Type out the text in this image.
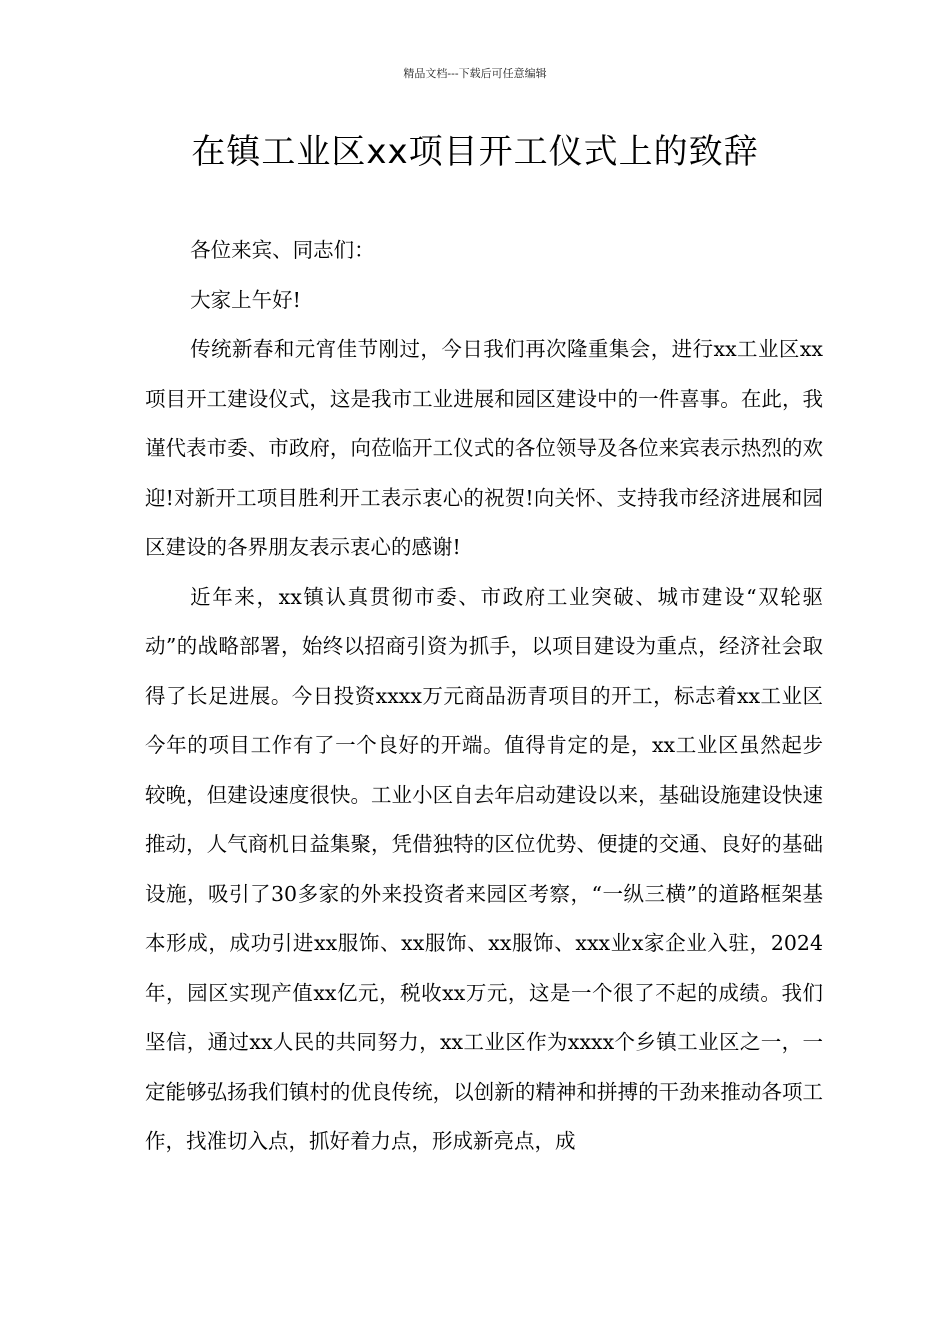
精品文档---下载后可任意编辑
在镇工业区xx项目开工仪式上的致辞

各位来宾、同志们：

大家上午好!

传统新春和元宵佳节刚过，今日我们再次隆重集会，进行xx工业区xx项目开工建设仪式，这是我市工业进展和园区建设中的一件喜事。在此，我谨代表市委、市政府，向莅临开工仪式的各位领导及各位来宾表示热烈的欢迎!对新开工项目胜利开工表示衷心的祝贺!向关怀、支持我市经济进展和园区建设的各界朋友表示衷心的感谢!

近年来，xx镇认真贯彻市委、市政府工业突破、城市建设“双轮驱动”的战略部署，始终以招商引资为抓手，以项目建设为重点，经济社会取得了长足进展。今日投资xxxx万元商品沥青项目的开工，标志着xx工业区今年的项目工作有了一个良好的开端。值得肯定的是，xx工业区虽然起步较晚，但建设速度很快。工业小区自去年启动建设以来，基础设施建设快速推动，人气商机日益集聚，凭借独特的区位优势、便捷的交通、良好的基础设施，吸引了30多家的外来投资者来园区考察，“一纵三横”的道路框架基本形成，成功引进xx服饰、xx服饰、xx服饰、xxx业x家企业入驻，2024年，园区实现产值xx亿元，税收xx万元，这是一个很了不起的成绩。我们坚信，通过xx人民的共同努力，xx工业区作为xxxx个乡镇工业区之一，一定能够弘扬我们镇村的优良传统，以创新的精神和拼搏的干劲来推动各项工作，找准切入点，抓好着力点，形成新亮点，成
